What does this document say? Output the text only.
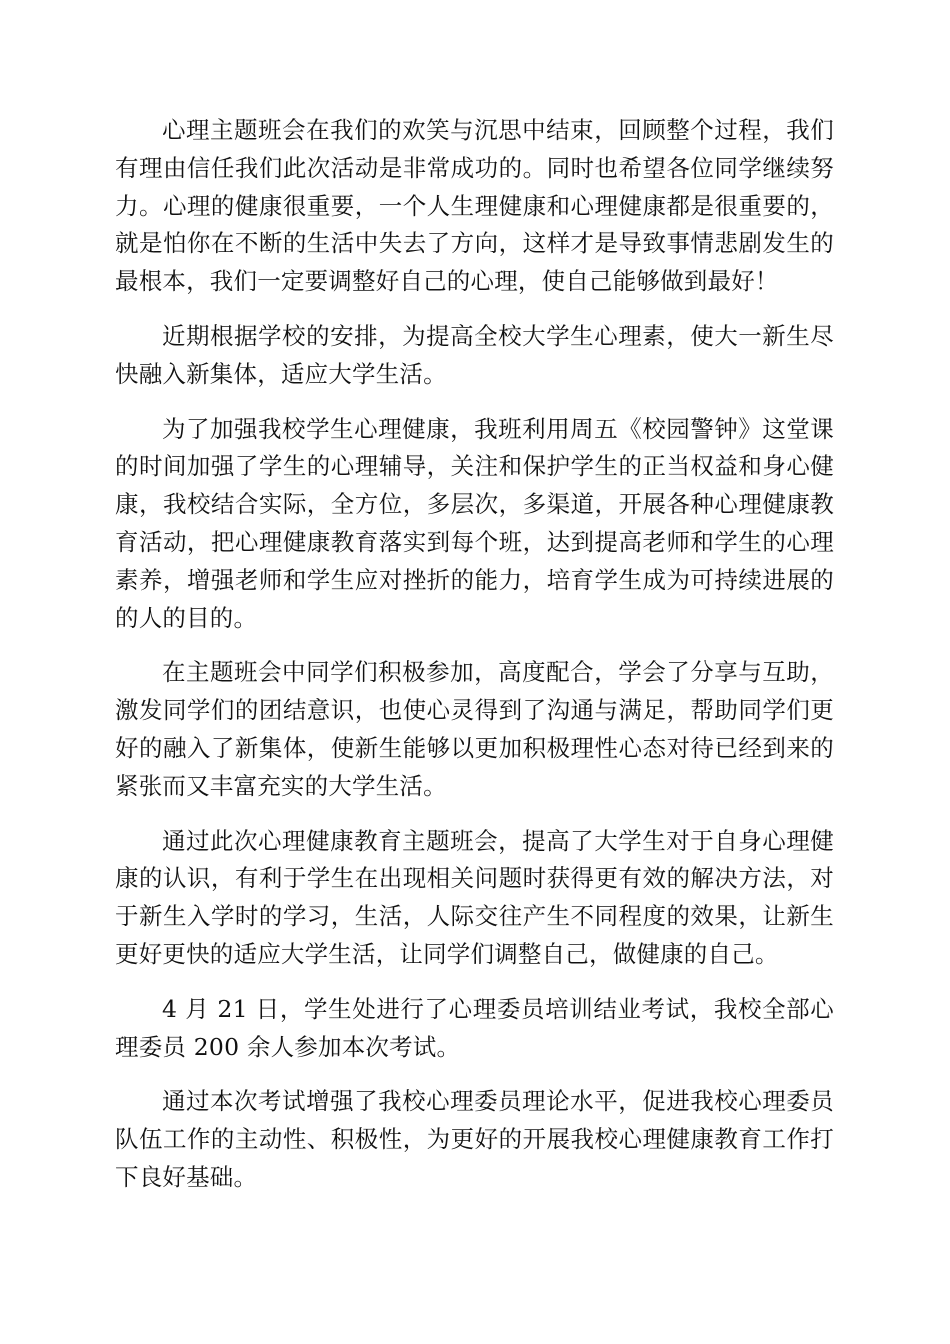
心理主题班会在我们的欢笑与沉思中结束，回顾整个过程，我们有理由信任我们此次活动是非常成功的。同时也希望各位同学继续努力。心理的健康很重要，一个人生理健康和心理健康都是很重要的，就是怕你在不断的生活中失去了方向，这样才是导致事情悲剧发生的最根本，我们一定要调整好自己的心理，使自己能够做到最好！

近期根据学校的安排，为提高全校大学生心理素，使大一新生尽快融入新集体，适应大学生活。

为了加强我校学生心理健康，我班利用周五《校园警钟》这堂课的时间加强了学生的心理辅导，关注和保护学生的正当权益和身心健康，我校结合实际，全方位，多层次，多渠道，开展各种心理健康教育活动，把心理健康教育落实到每个班，达到提高老师和学生的心理素养，增强老师和学生应对挫折的能力，培育学生成为可持续进展的的人的目的。

在主题班会中同学们积极参加，高度配合，学会了分享与互助，激发同学们的团结意识，也使心灵得到了沟通与满足，帮助同学们更好的融入了新集体，使新生能够以更加积极理性心态对待已经到来的紧张而又丰富充实的大学生活。

通过此次心理健康教育主题班会，提高了大学生对于自身心理健康的认识，有利于学生在出现相关问题时获得更有效的解决方法，对于新生入学时的学习，生活，人际交往产生不同程度的效果，让新生更好更快的适应大学生活，让同学们调整自己，做健康的自己。

4 月 21 日，学生处进行了心理委员培训结业考试，我校全部心理委员 200 余人参加本次考试。

通过本次考试增强了我校心理委员理论水平，促进我校心理委员队伍工作的主动性、积极性，为更好的开展我校心理健康教育工作打下良好基础。
